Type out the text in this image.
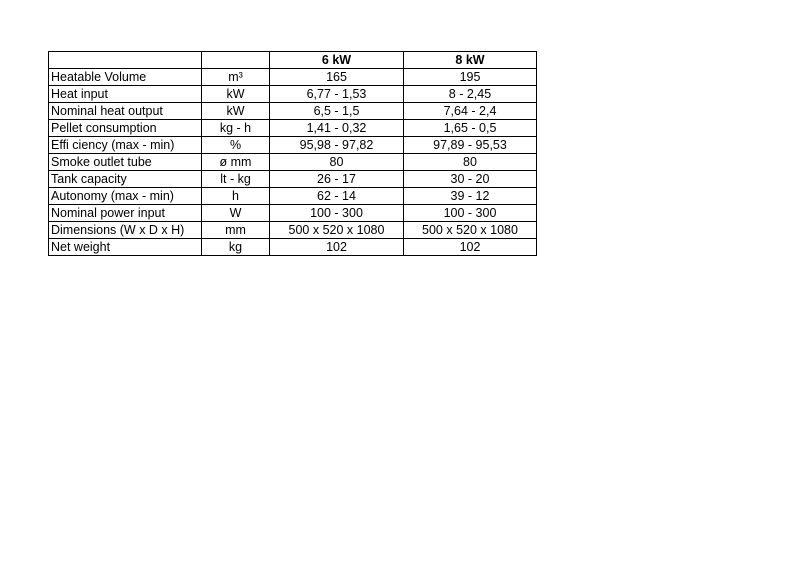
		6 kW	8 kW
Heatable Volume	m³	165	195
Heat input	kW	6,77 - 1,53	8 - 2,45
Nominal heat output	kW	6,5 - 1,5	7,64 - 2,4
Pellet consumption	kg - h	1,41 - 0,32	1,65 - 0,5
Effi ciency (max - min)	%	95,98 - 97,82	97,89 - 95,53
Smoke outlet tube	ø mm	80	80
Tank capacity	lt - kg	26 - 17	30 - 20
Autonomy (max - min)	h	62 - 14	39 - 12
Nominal power input	W	100 - 300	100 - 300
Dimensions (W x D x H)	mm	500 x 520 x 1080	500 x 520 x 1080
Net weight	kg	102	102
